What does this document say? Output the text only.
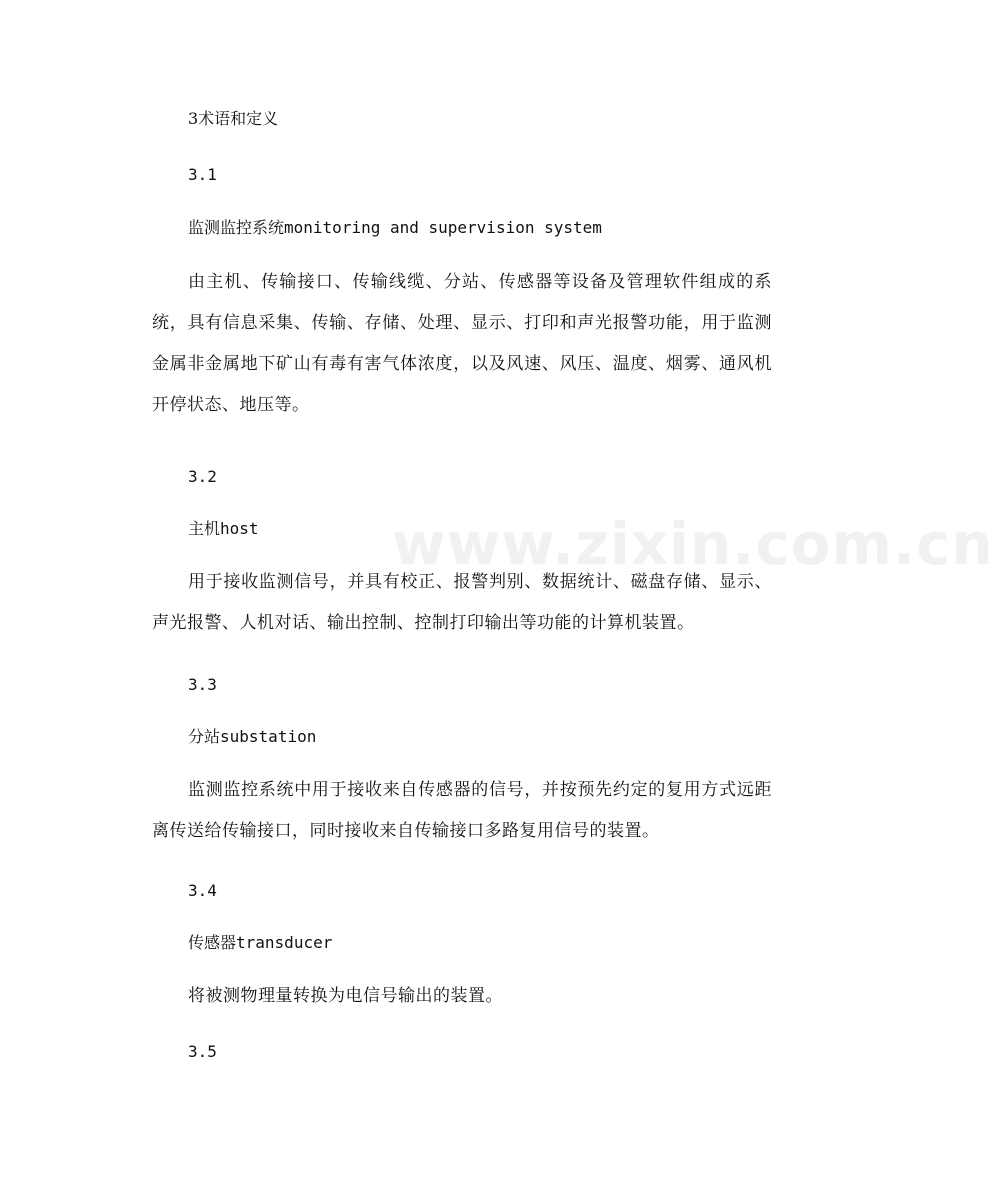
www.zixin.com.cn
3术语和定义
3.1
监测监控系统monitoring and supervision system
由主机、传输接口、传输线缆、分站、传感器等设备及管理软件组成的系统，具有信息采集、传输、存储、处理、显示、打印和声光报警功能，用于监测金属非金属地下矿山有毒有害气体浓度，以及风速、风压、温度、烟雾、通风机开停状态、地压等。
3.2
主机host
用于接收监测信号，并具有校正、报警判别、数据统计、磁盘存储、显示、声光报警、人机对话、输出控制、控制打印输出等功能的计算机装置。
3.3
分站substation
监测监控系统中用于接收来自传感器的信号，并按预先约定的复用方式远距离传送给传输接口，同时接收来自传输接口多路复用信号的装置。
3.4
传感器transducer
将被测物理量转换为电信号输出的装置。
3.5
